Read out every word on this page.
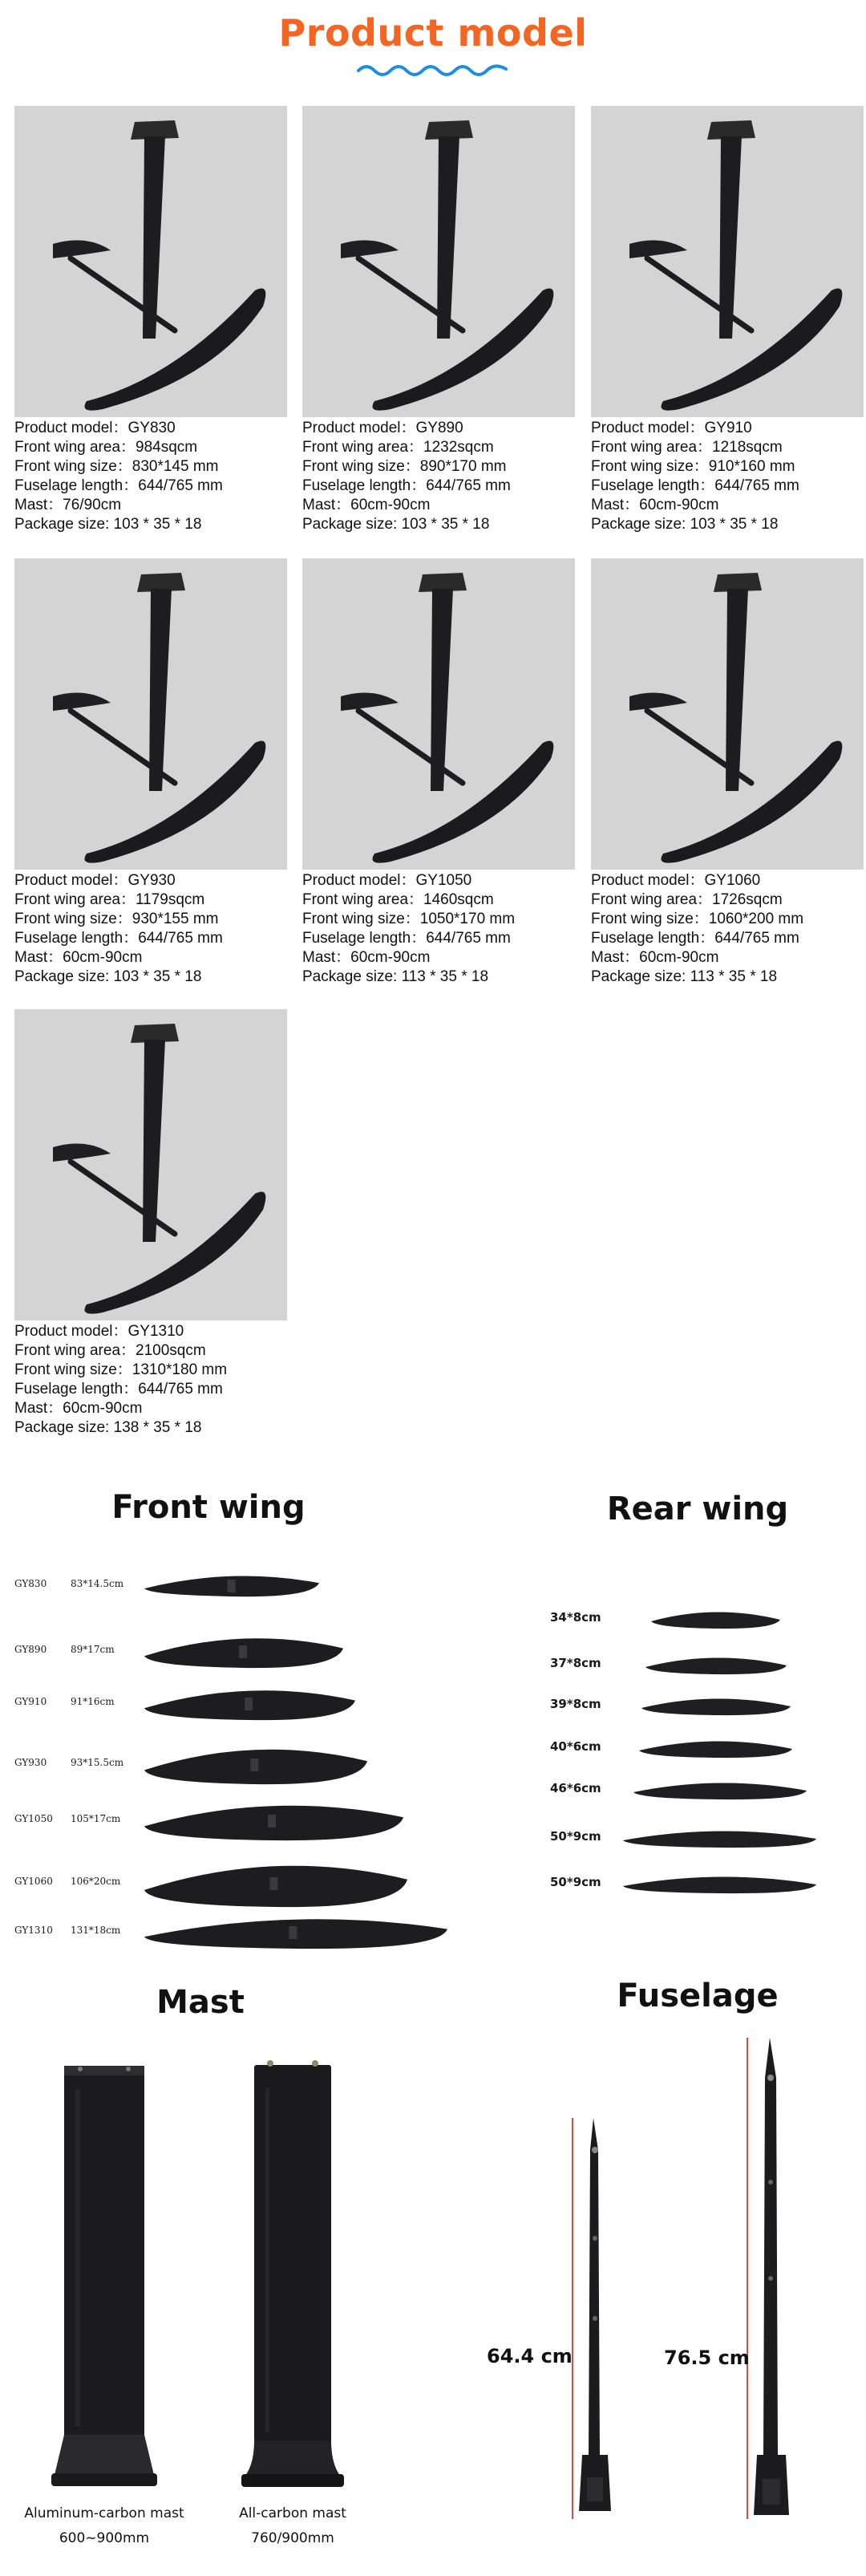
Product model
Product model：GY830
Front wing area：984sqcm
Front wing size：830*145 mm
Fuselage length：644/765 mm
Mast：76/90cm
Package size: 103 * 35 * 18
Product model：GY890
Front wing area：1232sqcm
Front wing size：890*170 mm
Fuselage length：644/765 mm
Mast：60cm-90cm
Package size: 103 * 35 * 18
Product model：GY910
Front wing area：1218sqcm
Front wing size：910*160 mm
Fuselage length：644/765 mm
Mast：60cm-90cm
Package size: 103 * 35 * 18
Product model：GY930
Front wing area：1179sqcm
Front wing size：930*155 mm
Fuselage length：644/765 mm
Mast：60cm-90cm
Package size: 103 * 35 * 18
Product model：GY1050
Front wing area：1460sqcm
Front wing size：1050*170 mm
Fuselage length：644/765 mm
Mast：60cm-90cm
Package size: 113 * 35 * 18
Product model：GY1060
Front wing area：1726sqcm
Front wing size：1060*200 mm
Fuselage length：644/765 mm
Mast：60cm-90cm
Package size: 113 * 35 * 18
Product model：GY1310
Front wing area：2100sqcm
Front wing size：1310*180 mm
Fuselage length：644/765 mm
Mast：60cm-90cm
Package size: 138 * 35 * 18
Front wing
GY830 83*14.5cm
GY890 89*17cm
GY910 91*16cm
GY930 93*15.5cm
GY1050 105*17cm
GY1060 106*20cm
GY1310 131*18cm
Rear wing
34*8cm
37*8cm
39*8cm
40*6cm
46*6cm
50*9cm
50*9cm
Mast
Aluminum-carbon mast
600~900mm
All-carbon mast
760/900mm
Fuselage
64.4 cm	76.5 cm
